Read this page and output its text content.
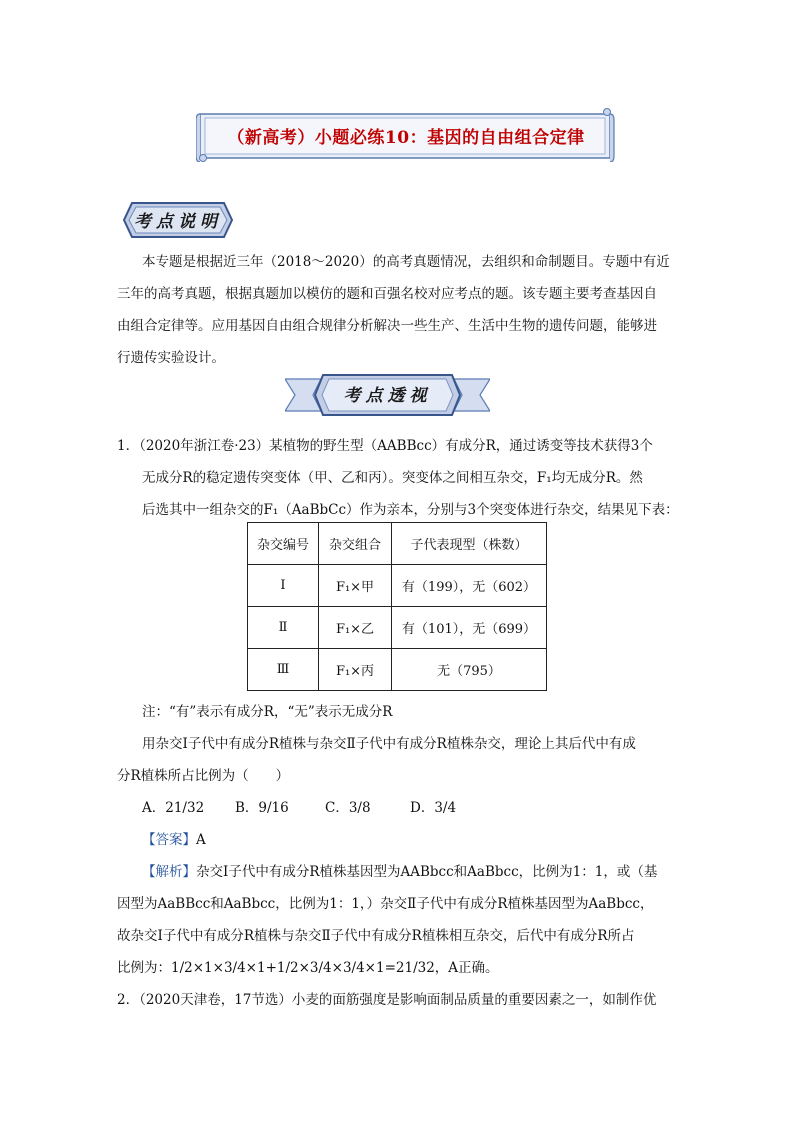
（新高考）小题必练10：基因的自由组合定律
考点说明
三年的高考真题，根据真题加以模仿的题和百强名校对应考点的题。该专题主要考查基因自
由组合定律等。应用基因自由组合规律分析解决一些生产、生活中生物的遗传问题，能够进
行遗传实验设计。
本专题是根据近三年（2018～2020）的高考真题情况，去组织和命制题目。专题中有近
考点透视
1．（2020年浙江卷·23）某植物的野生型（AABBcc）有成分R，通过诱变等技术获得3个
无成分R的稳定遗传突变体（甲、乙和丙）。突变体之间相互杂交，F₁均无成分R。然
后选其中一组杂交的F₁（AaBbCc）作为亲本，分别与3个突变体进行杂交，结果见下表：
杂交编号	杂交组合	子代表现型（株数）
Ⅰ	F₁×甲	有（199），无（602）
Ⅱ	F₁×乙	有（101），无（699）
Ⅲ	F₁×丙	无（795）
注：“有”表示有成分R，“无”表示无成分R
用杂交Ⅰ子代中有成分R植株与杂交Ⅱ子代中有成分R植株杂交，理论上其后代中有成
分R植株所占比例为（　　）
A．21/32 B．9/16	C．3/8	D．3/4
【答案】A
【解析】杂交Ⅰ子代中有成分R植株基因型为AABbcc和AaBbcc，比例为1：1，或（基
因型为AaBBcc和AaBbcc，比例为1：1，）杂交Ⅱ子代中有成分R植株基因型为AaBbcc，
故杂交Ⅰ子代中有成分R植株与杂交Ⅱ子代中有成分R植株相互杂交，后代中有成分R所占
比例为：1/2×1×3/4×1+1/2×3/4×3/4×1=21/32，A正确。
2．（2020天津卷，17节选）小麦的面筋强度是影响面制品质量的重要因素之一，如制作优
